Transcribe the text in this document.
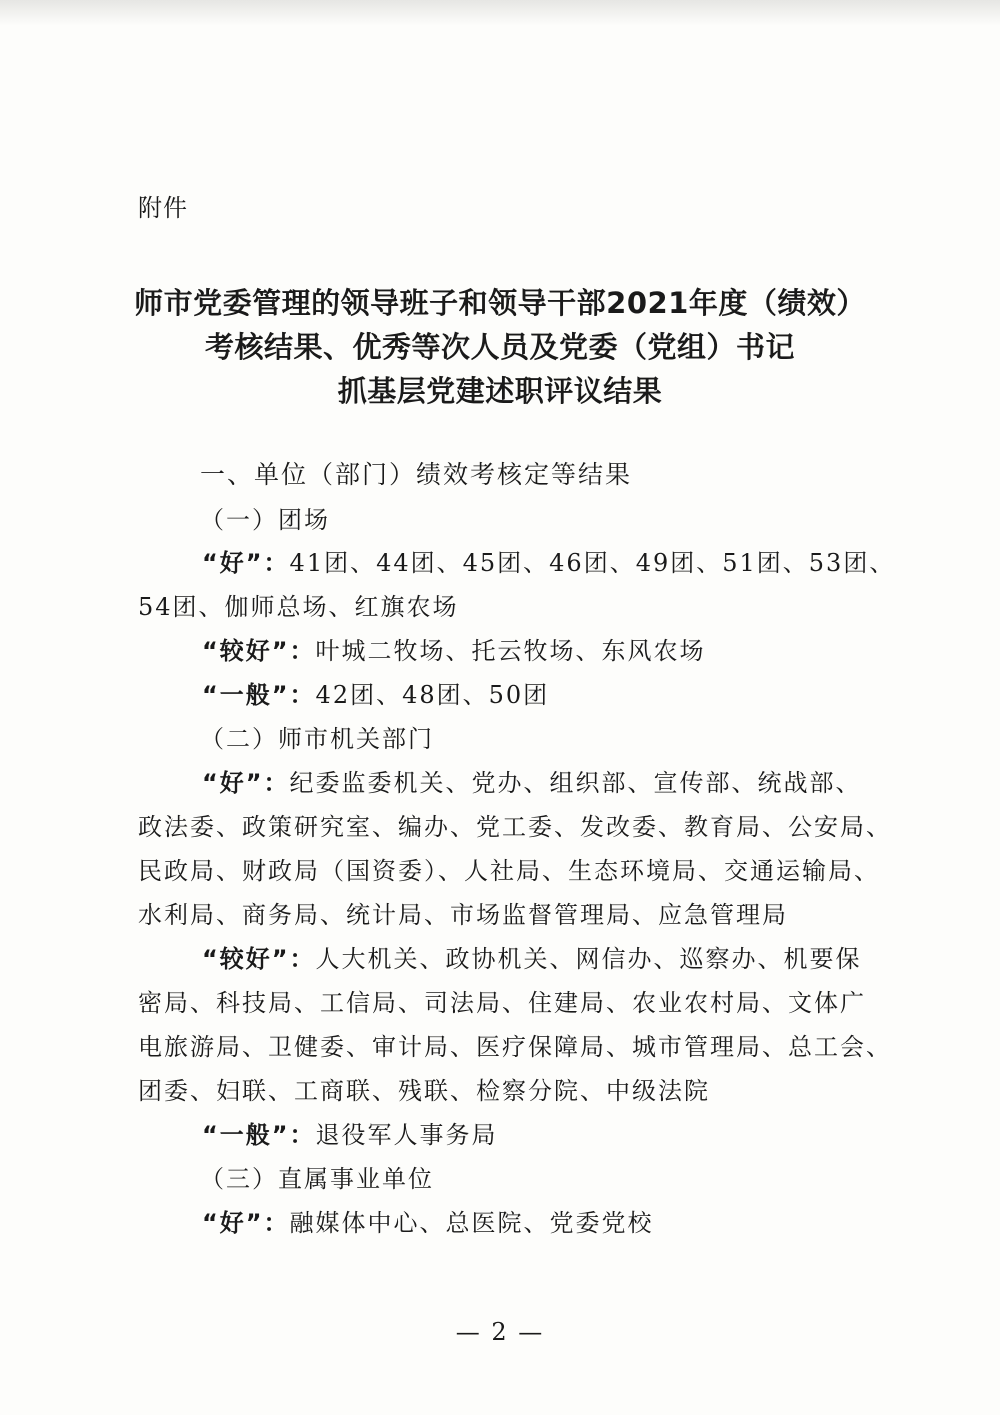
附件
师市党委管理的领导班子和领导干部2021年度（绩效）
考核结果、优秀等次人员及党委（党组）书记
抓基层党建述职评议结果
一、单位（部门）绩效考核定等结果
（一）团场
“好”：41团、44团、45团、46团、49团、51团、53团、
54团、伽师总场、红旗农场
“较好”：叶城二牧场、托云牧场、东风农场
“一般”：42团、48团、50团
（二）师市机关部门
“好”：纪委监委机关、党办、组织部、宣传部、统战部、
政法委、政策研究室、编办、党工委、发改委、教育局、公安局、
民政局、财政局（国资委）、人社局、生态环境局、交通运输局、
水利局、商务局、统计局、市场监督管理局、应急管理局
“较好”：人大机关、政协机关、网信办、巡察办、机要保
密局、科技局、工信局、司法局、住建局、农业农村局、文体广
电旅游局、卫健委、审计局、医疗保障局、城市管理局、总工会、
团委、妇联、工商联、残联、检察分院、中级法院
“一般”：退役军人事务局
（三）直属事业单位
“好”：融媒体中心、总医院、党委党校
— 2 —
